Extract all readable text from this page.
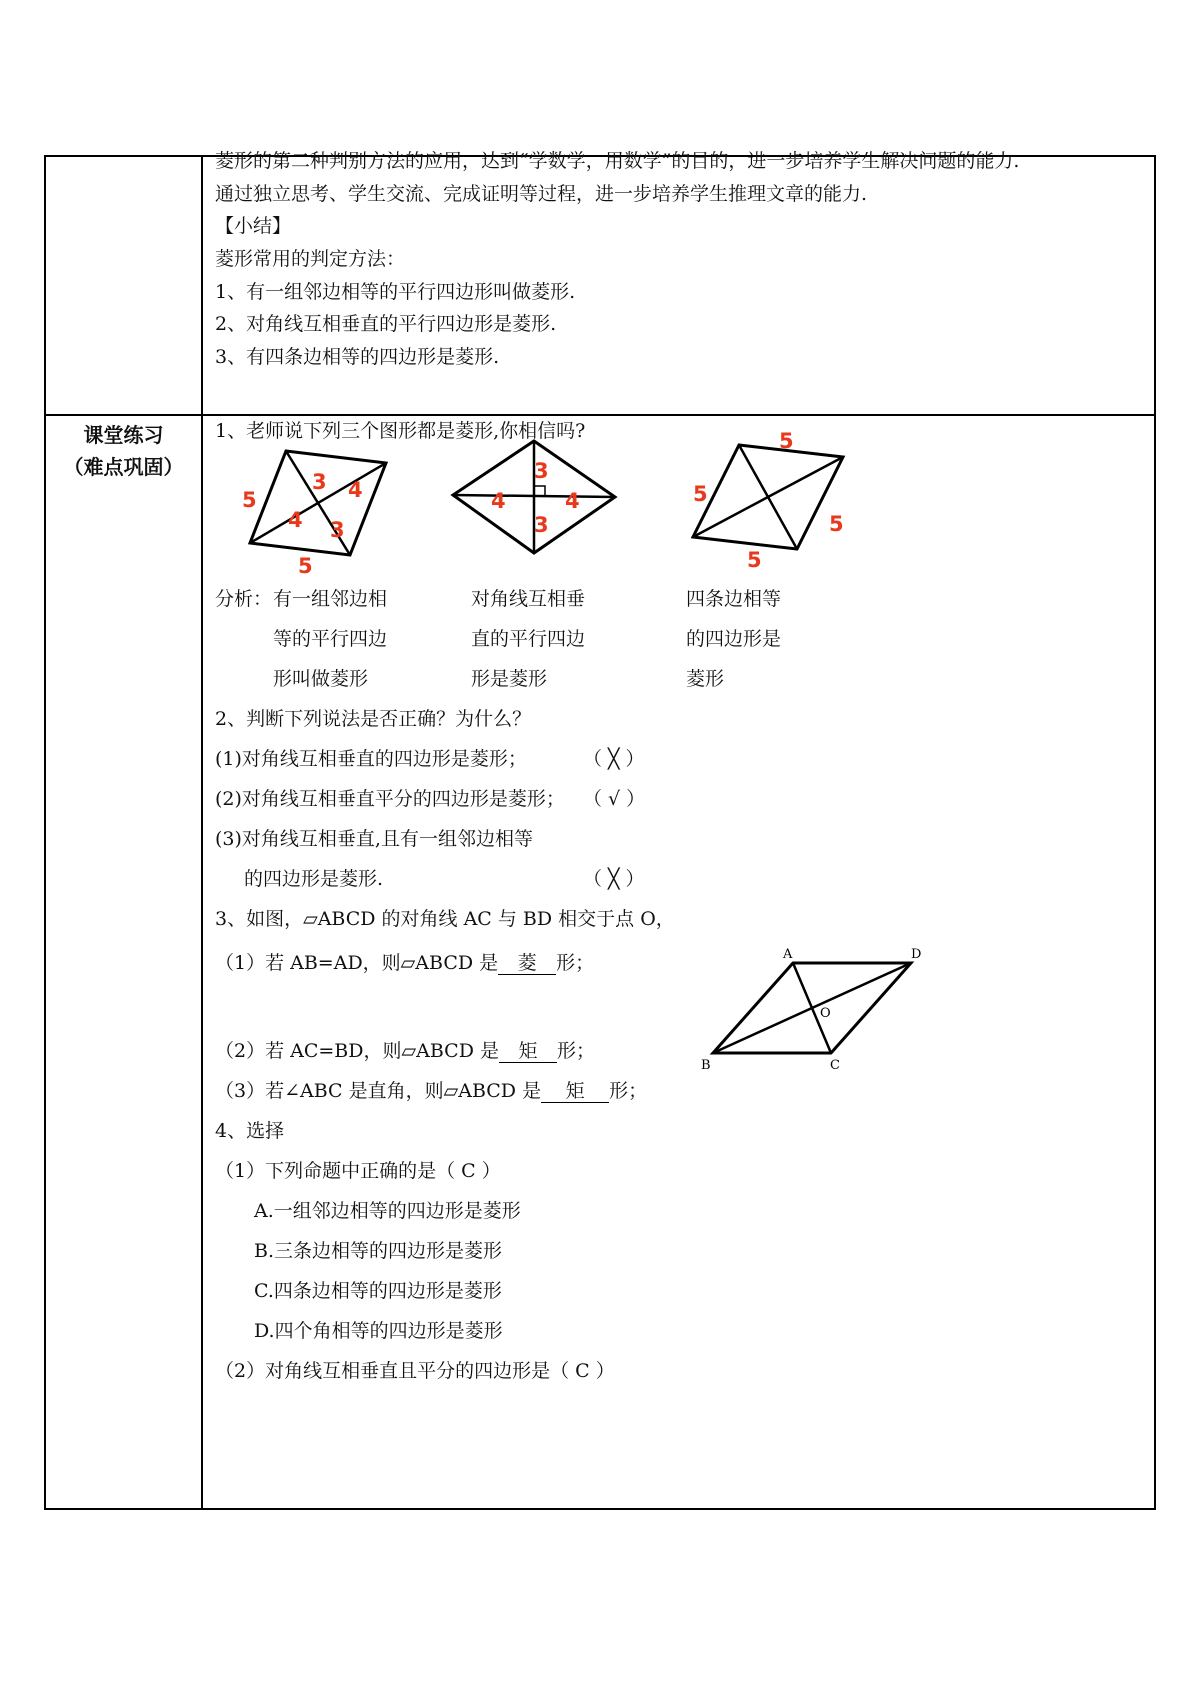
菱形的第二种判别方法的应用，达到“学数学，用数学”的目的，进一步培养学生解决问题的能力.
通过独立思考、学生交流、完成证明等过程，进一步培养学生推理文章的能力.
【小结】
菱形常用的判定方法：
1、有一组邻边相等的平行四边形叫做菱形.
2、对角线互相垂直的平行四边形是菱形.
3、有四条边相等的四边形是菱形.
课堂练习
（难点巩固）
1、老师说下列三个图形都是菱形,你相信吗?
5
3 4
4 3
5
3
4	4
3
5
5
5
5
分析： 有一组邻边相
等的平行四边
形叫做菱形
对角线互相垂
直的平行四边
形是菱形
四条边相等
的四边形是
菱形
2、判断下列说法是否正确？为什么？
(1)对角线互相垂直的四边形是菱形；	（ ╳ ）
(2)对角线互相垂直平分的四边形是菱形； （ √ ）
(3)对角线互相垂直,且有一组邻边相等
的四边形是菱形.	（ ╳ ）
3、如图，▱ABCD 的对角线 AC 与 BD 相交于点 O，
（1）若 AB=AD，则▱ABCD 是 菱 形；
（2）若 AC=BD，则▱ABCD 是 矩 形；
（3）若∠ABC 是直角，则▱ABCD 是 矩 形；
A	D
O
B	C
4、选择
（1）下列命题中正确的是（ C ）
A.一组邻边相等的四边形是菱形
B.三条边相等的四边形是菱形
C.四条边相等的四边形是菱形
D.四个角相等的四边形是菱形
（2）对角线互相垂直且平分的四边形是（ C ）
